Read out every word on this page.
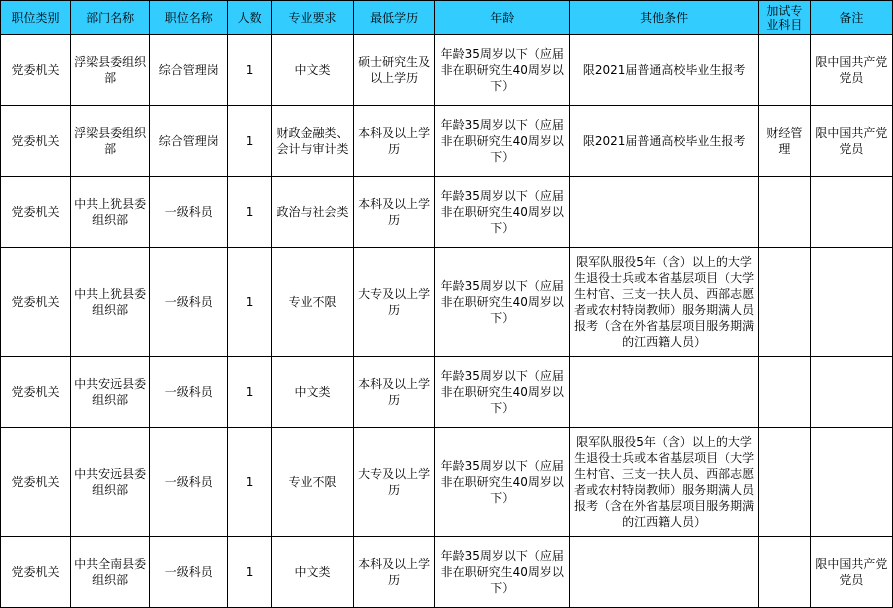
职位类别	部门名称	职位名称	人数	专业要求	最低学历	年龄	其他条件	加试专业科目	备注
党委机关	浮梁县委组织部	综合管理岗	1	中文类	硕士研究生及以上学历	年龄35周岁以下（应届非在职研究生40周岁以下）	限2021届普通高校毕业生报考		限中国共产党党员
党委机关	浮梁县委组织部	综合管理岗	1	财政金融类、会计与审计类	本科及以上学历	年龄35周岁以下（应届非在职研究生40周岁以下）	限2021届普通高校毕业生报考	财经管理	限中国共产党党员
党委机关	中共上犹县委组织部	一级科员	1	政治与社会类	本科及以上学历	年龄35周岁以下（应届非在职研究生40周岁以下）			
党委机关	中共上犹县委组织部	一级科员	1	专业不限	大专及以上学历	年龄35周岁以下（应届非在职研究生40周岁以下）	限军队服役5年（含）以上的大学生退役士兵或本省基层项目（大学生村官、三支一扶人员、西部志愿者或农村特岗教师）服务期满人员报考（含在外省基层项目服务期满的江西籍人员）		
党委机关	中共安远县委组织部	一级科员	1	中文类	本科及以上学历	年龄35周岁以下（应届非在职研究生40周岁以下）			
党委机关	中共安远县委组织部	一级科员	1	专业不限	大专及以上学历	年龄35周岁以下（应届非在职研究生40周岁以下）	限军队服役5年（含）以上的大学生退役士兵或本省基层项目（大学生村官、三支一扶人员、西部志愿者或农村特岗教师）服务期满人员报考（含在外省基层项目服务期满的江西籍人员）		
党委机关	中共全南县委组织部	一级科员	1	中文类	本科及以上学历	年龄35周岁以下（应届非在职研究生40周岁以下）			限中国共产党党员
